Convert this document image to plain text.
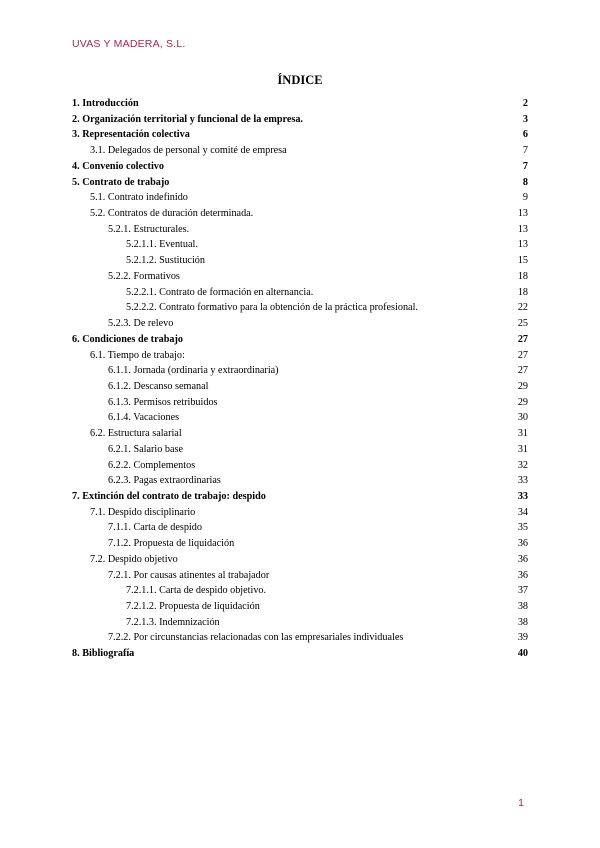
UVAS Y MADERA, S.L.
ÍNDICE
1. Introducción	2
2. Organización territorial y funcional de la empresa.	3
3. Representación colectiva	6
3.1. Delegados de personal y comité de empresa	7
4. Convenio colectivo	7
5. Contrato de trabajo	8
5.1. Contrato indefinido	9
5.2. Contratos de duración determinada.	13
5.2.1. Estructurales.	13
5.2.1.1. Eventual.	13
5.2.1.2. Sustitución	15
5.2.2. Formativos	18
5.2.2.1. Contrato de formación en alternancia.	18
5.2.2.2. Contrato formativo para la obtención de la práctica profesional.	22
5.2.3. De relevo	25
6. Condiciones de trabajo	27
6.1. Tiempo de trabajo:	27
6.1.1. Jornada (ordinaria y extraordinaria)	27
6.1.2. Descanso semanal	29
6.1.3. Permisos retribuidos	29
6.1.4. Vacaciones	30
6.2. Estructura salarial	31
6.2.1. Salario base	31
6.2.2. Complementos	32
6.2.3. Pagas extraordinarias	33
7. Extinción del contrato de trabajo: despido	33
7.1. Despido disciplinario	34
7.1.1. Carta de despido	35
7.1.2. Propuesta de liquidación	36
7.2. Despido objetivo	36
7.2.1. Por causas atinentes al trabajador	36
7.2.1.1. Carta de despido objetivo.	37
7.2.1.2. Propuesta de liquidación	38
7.2.1.3. Indemnización	38
7.2.2. Por circunstancias relacionadas con las empresariales individuales	39
8. Bibliografía	40
1
